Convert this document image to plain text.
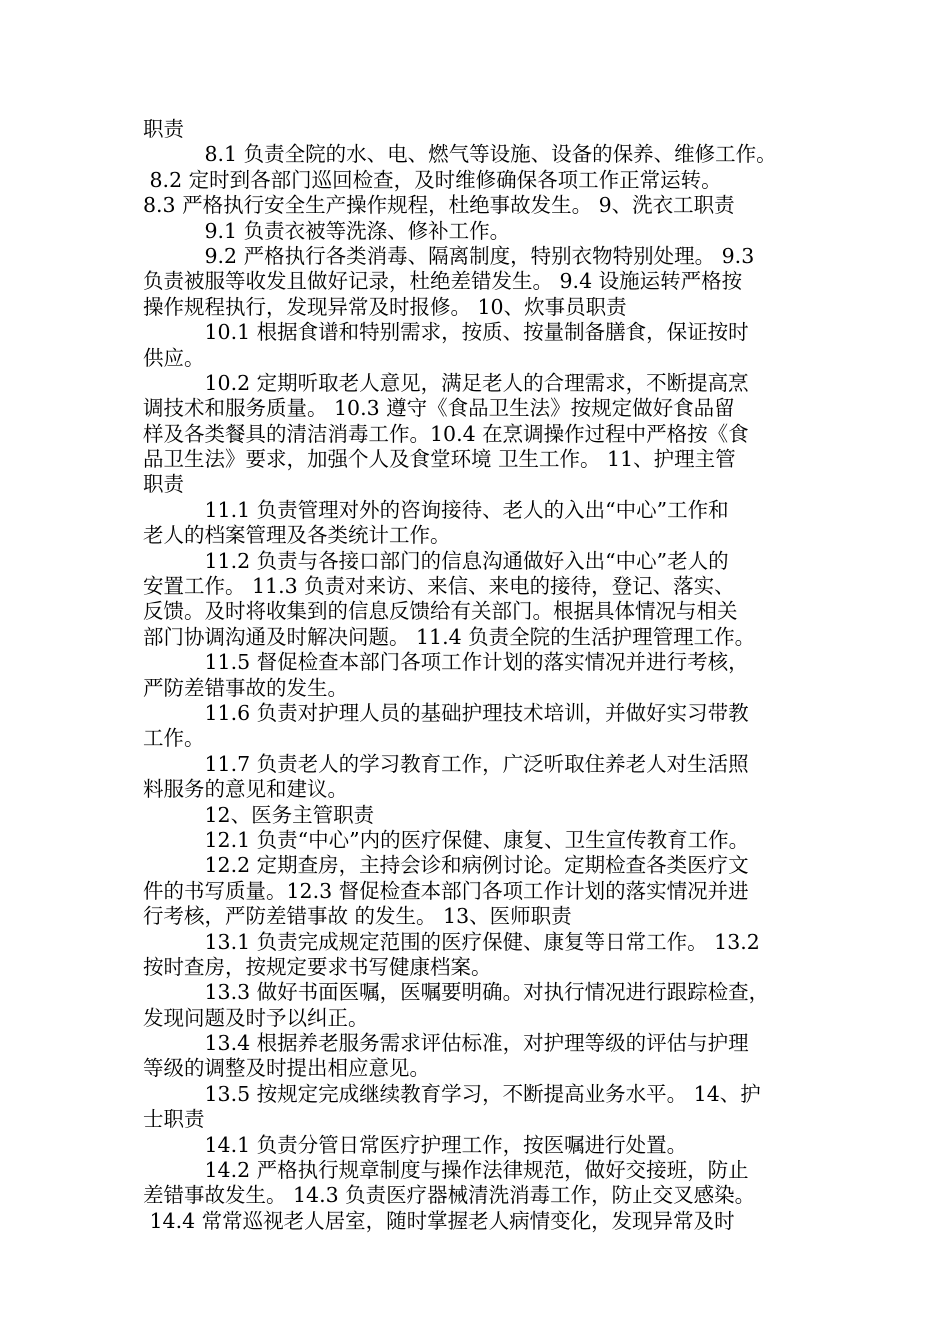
职责
　　　8.1 负责全院的水、电、燃气等设施、设备的保养、维修工作。
8.2 定时到各部门巡回检查，及时维修确保各项工作正常运转。
8.3 严格执行安全生产操作规程，杜绝事故发生。 9、洗衣工职责
　　　9.1 负责衣被等洗涤、修补工作。
　　　9.2 严格执行各类消毒、隔离制度，特别衣物特别处理。 9.3
负责被服等收发且做好记录，杜绝差错发生。 9.4 设施运转严格按
操作规程执行，发现异常及时报修。 10、炊事员职责
　　　10.1 根据食谱和特别需求，按质、按量制备膳食，保证按时
供应。
　　　10.2 定期听取老人意见，满足老人的合理需求，不断提高烹
调技术和服务质量。 10.3 遵守《食品卫生法》按规定做好食品留
样及各类餐具的清洁消毒工作。10.4 在烹调操作过程中严格按《食
品卫生法》要求，加强个人及食堂环境 卫生工作。 11、护理主管
职责
　　　11.1 负责管理对外的咨询接待、老人的入出“中心”工作和
老人的档案管理及各类统计工作。
　　　11.2 负责与各接口部门的信息沟通做好入出“中心”老人的
安置工作。 11.3 负责对来访、来信、来电的接待，登记、落实、
反馈。及时将收集到的信息反馈给有关部门。根据具体情况与相关
部门协调沟通及时解决问题。 11.4 负责全院的生活护理管理工作。
　　　11.5 督促检查本部门各项工作计划的落实情况并进行考核，
严防差错事故的发生。
　　　11.6 负责对护理人员的基础护理技术培训，并做好实习带教
工作。
　　　11.7 负责老人的学习教育工作，广泛听取住养老人对生活照
料服务的意见和建议。
　　　12、医务主管职责
　　　12.1 负责“中心”内的医疗保健、康复、卫生宣传教育工作。
　　　12.2 定期查房，主持会诊和病例讨论。定期检查各类医疗文
件的书写质量。12.3 督促检查本部门各项工作计划的落实情况并进
行考核，严防差错事故 的发生。 13、医师职责
　　　13.1 负责完成规定范围的医疗保健、康复等日常工作。 13.2
按时查房，按规定要求书写健康档案。
　　　13.3 做好书面医嘱，医嘱要明确。对执行情况进行跟踪检查，
发现问题及时予以纠正。
　　　13.4 根据养老服务需求评估标准，对护理等级的评估与护理
等级的调整及时提出相应意见。
　　　13.5 按规定完成继续教育学习，不断提高业务水平。 14、护
士职责
　　　14.1 负责分管日常医疗护理工作，按医嘱进行处置。
　　　14.2 严格执行规章制度与操作法律规范，做好交接班，防止
差错事故发生。 14.3 负责医疗器械清洗消毒工作，防止交叉感染。
14.4 常常巡视老人居室，随时掌握老人病情变化，发现异常及时
